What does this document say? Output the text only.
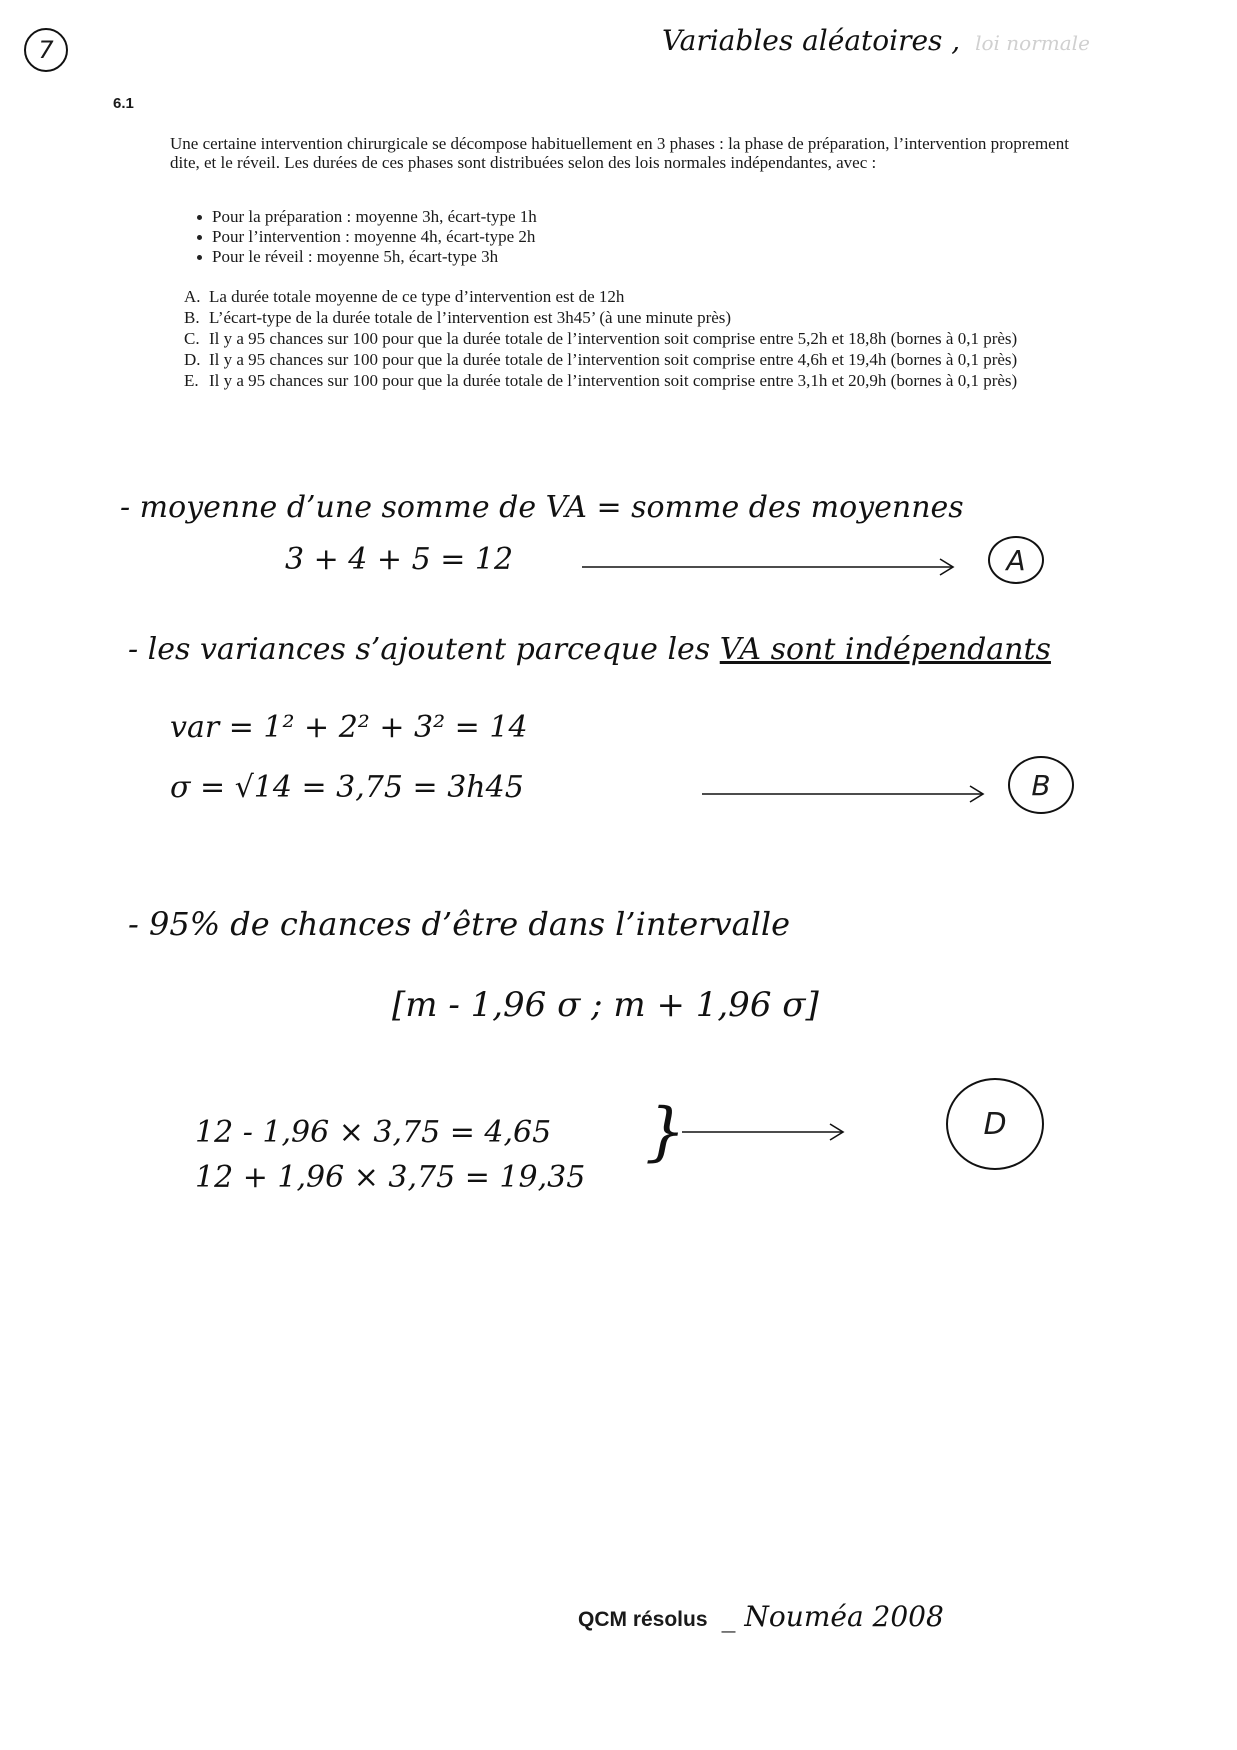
7	Variables aléatoires , loi normale
6.1
Une certaine intervention chirurgicale se décompose habituellement en 3 phases : la phase de préparation, l’intervention proprement dite, et le réveil. Les durées de ces phases sont distribuées selon des lois normales indépendantes, avec :
Pour la préparation : moyenne 3h, écart-type 1h
Pour l’intervention : moyenne 4h, écart-type 2h
Pour le réveil : moyenne 5h, écart-type 3h
A. La durée totale moyenne de ce type d’intervention est de 12h
B. L’écart-type de la durée totale de l’intervention est 3h45’ (à une minute près)
C. Il y a 95 chances sur 100 pour que la durée totale de l’intervention soit comprise entre 5,2h et 18,8h (bornes à 0,1 près)
D. Il y a 95 chances sur 100 pour que la durée totale de l’intervention soit comprise entre 4,6h et 19,4h (bornes à 0,1 près)
E. Il y a 95 chances sur 100 pour que la durée totale de l’intervention soit comprise entre 3,1h et 20,9h (bornes à 0,1 près)
- moyenne d’une somme de VA = somme des moyennes
3 + 4 + 5 = 12	A
- les variances s’ajoutent parceque les VA sont indépendants
var = 1² + 2² + 3² = 14
σ = √14 = 3,75 = 3h45	B
- 95% de chances d’être dans l’intervalle
[m - 1,96 σ ; m + 1,96 σ]
12 - 1,96 × 3,75 = 4,65
12 + 1,96 × 3,75 = 19,35
}	D
QCM résolus _ Nouméa 2008
